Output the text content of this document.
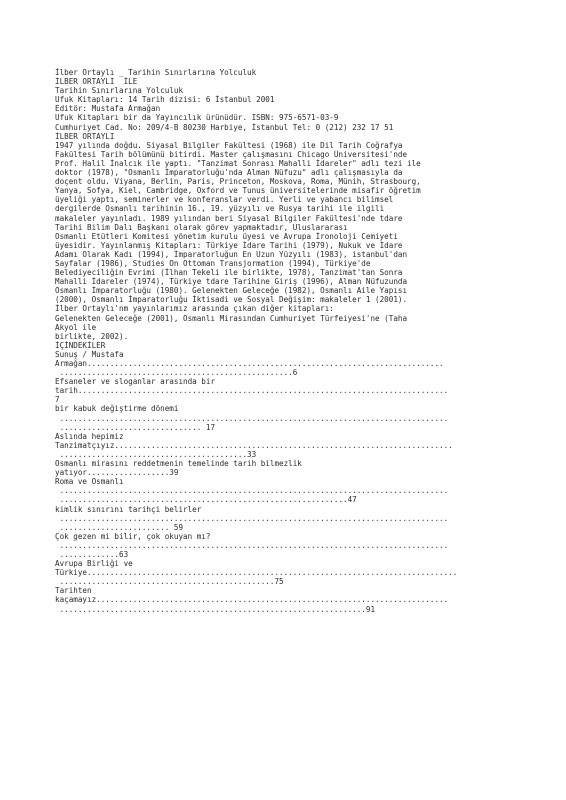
İlber Ortaylı _ Tarihin Sınırlarına Yolculuk
İLBER ORTAYLI  İLE
Tarihin Sınırlarına Yolculuk
Ufuk Kitapları: 14 Tarih dizisi: 6 İstanbul 2001
Editör: Mustafa Armağan
Ufuk Kitapları bir da Yayıncılık ürünüdür. ISBN: 975-6571-03-9
Cumhuriyet Cad. No: 209/4-B 80230 Harbiye, İstanbul Tel: 0 (212) 232 17 51
İLBER ORTAYLI
1947 yılında doğdu. Siyasal Bilgiler Fakültesi (1968) ile Dil Tarih Coğrafya
Fakültesi Tarih bölümünü bitirdi. Master çalışmasını Chicago Üniversitesi'nde
Prof. Halil İnalcık ile yaptı. "Tanzimat Sonrası Mahalli İdareler" adlı tezi ile
doktor (1978), "Osmanlı İmparatorluğu'nda Alman Nüfuzu" adlı çalışmasıyla da
doçent oldu. Viyana, Berlin, Paris, Princeton, Moskova, Roma, Münih, Strasbourg,
Yanya, Sofya, Kiel, Cambridge, Oxford ve Tunus üniversitelerinde misafir öğretim
üyeliği yaptı, seminerler ve konferanslar verdi. Yerli ve yabancı bilimsel
dergilerde Osmanlı tarihinin 16., 19. yüzyılı ve Rusya tarihi ile ilgili
makaleler yayınladı. 1989 yılından beri Siyasal Bilgiler Fakültesi'nde tdare
Tarihi Bilim Dalı Başkanı olarak görev yapmaktadır, Uluslararası
Osmanlı Etütleri Komitesi yönetim kurulu üyesi ve Avrupa İronoloji Cemiyeti
üyesidir. Yayınlanmış Kitapları: Türkiye İdare Tarihi (1979), Nukuk ve İdare
Adamı Olarak Kadı (1994), İmparatorluğun En Uzun Yüzyılı (1983), istanbul'dan
Sayfalar (1986), Studies On Ottoman Transjormation (1994), Türkiye'de
Belediyeciliğin Evrimi (İlhan Tekeli ile birlikte, 1978), Tanzimat'tan Sonra
Mahalli İdareler (1974), Türkiye tdare Tarihine Giriş (1996), Alman Nüfuzunda
Osmanlı İmparatorluğu (1980). Gelenekten Geleceğe (1982), Osmanlı Aile Yapısı
(2000), Osmanlı İmparatorluğu İktisadi ve Sosyal Değişim: makaleler 1 (2001).
İlber Ortaylı'nm yayınlarımız arasında çıkan diğer kitapları:
Gelenekten Geleceğe (2001), Osmanlı Mirasından Cumhuriyet Türfeiyesi'ne (Taha
Akyol ile
birlikte, 2002).
İÇİNDEKİLER
Sunuş / Mustafa
Armağan..............................................................................
...................................................6
Efsaneler ve sloganlar arasında bir
tarih.................................................................................
7
bir kabuk değiştirme dönemi
.....................................................................................
............................... 17
Aslında hepimiz
Tanzimatçıyız..........................................................................
.........................................33
Osmanlı mirasını reddetmenin temelinde tarih bilmezlik
yatıyor..................39
Roma ve Osmanlı
.....................................................................................
...............................................................47
kimlik sınırını tarihçi belirler
.....................................................................................
........................ 59
Çok gezen mi bilir, çok okuyan mı?
.....................................................................................
.............63
Avrupa Birliği ve
Türkiye.................................................................................
...............................................75
Tarihten
kaçamayız.............................................................................
...................................................................91
